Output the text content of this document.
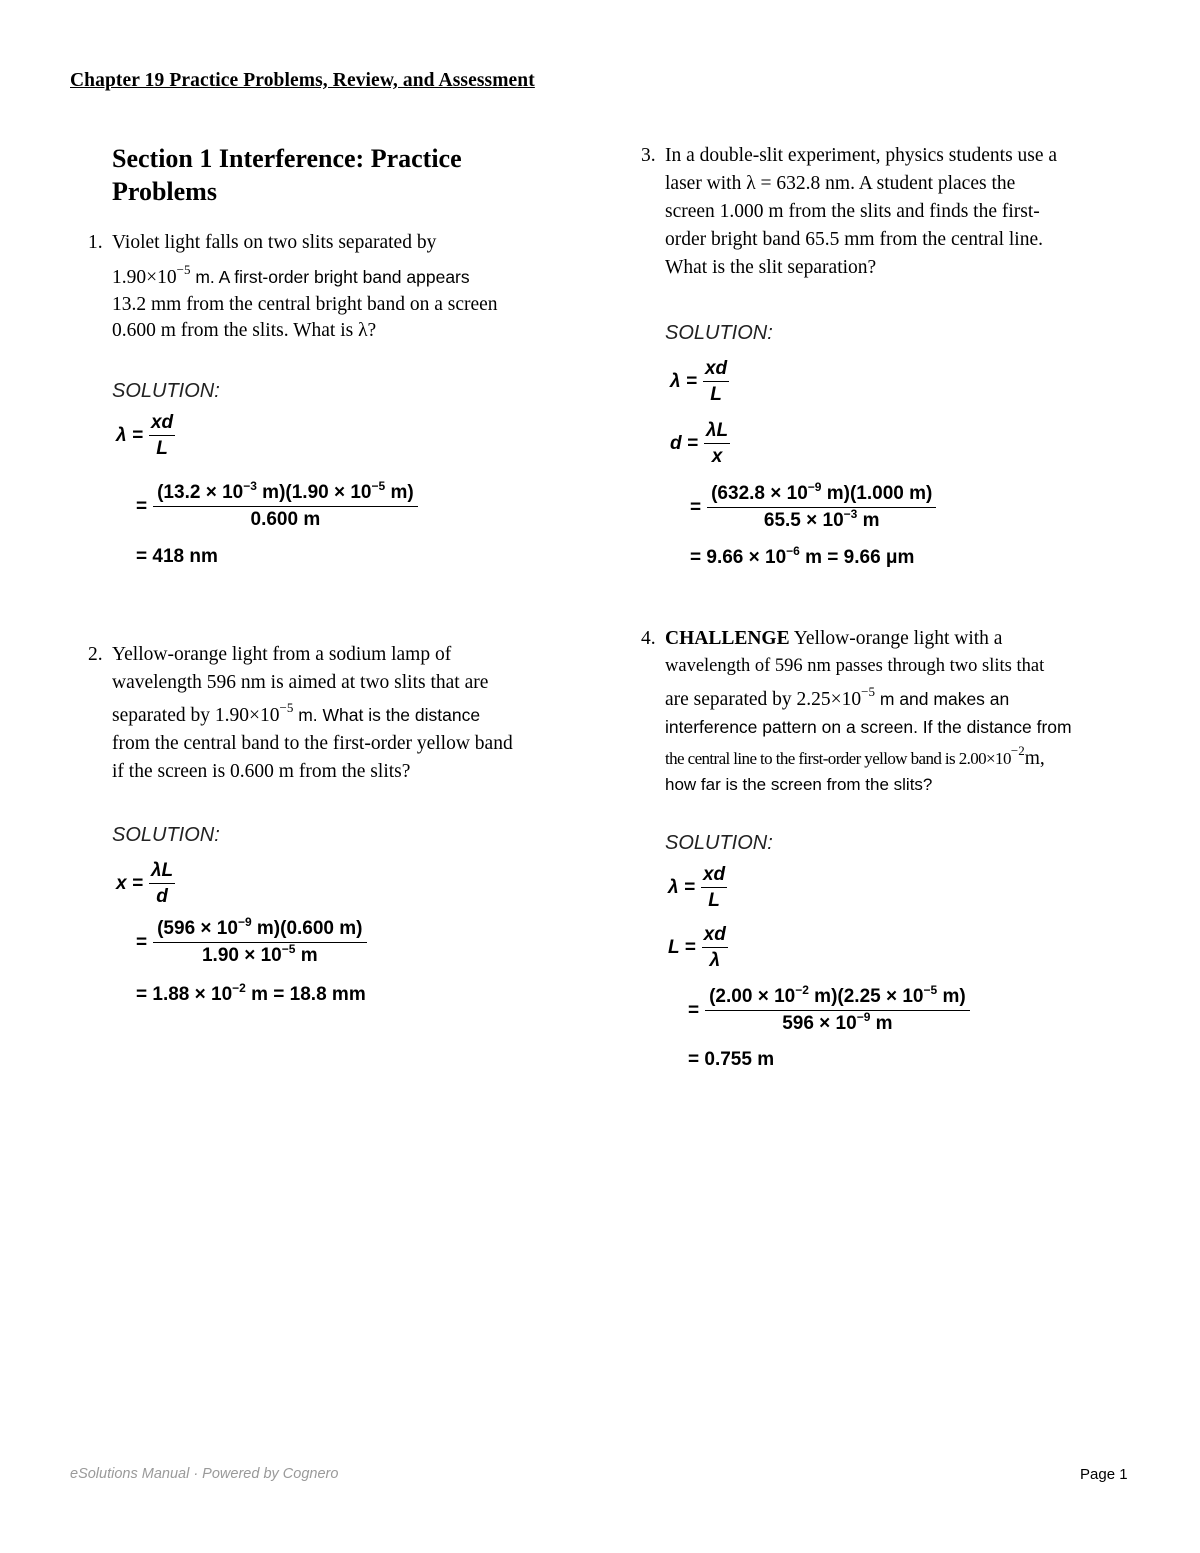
Chapter 19 Practice Problems, Review, and Assessment
Section 1 Interference: Practice Problems
1. Violet light falls on two slits separated by

$1.90\times 10^{-5}$ m. A first-order bright band appears

13.2 mm from the central bright band on a screen

0.600 m from the slits. What is λ?

SOLUTION:
$\lambda = \frac{xd}{L}$
= $\frac{(13.2 \times 10^{-3} m)(1.90 \times 10^{-5} m)}{0.600 m}$
= 418 nm
2. Yellow-orange light from a sodium lamp of

wavelength 596 nm is aimed at two slits that are

separated by $1.90\times 10^{-5}$ m. What is the distance

from the central band to the first-order yellow band

if the screen is 0.600 m from the slits?

SOLUTION:
$x = \frac{\lambda L}{d}$
= $\frac{(596 \times 10^{-9} m)(0.600 m)}{1.90 \times 10^{-5} m}$
= $1.88 \times 10^{-2}$ m = 18.8 mm
3. In a double-slit experiment, physics students use a

laser with λ = 632.8 nm. A student places the

screen 1.000 m from the slits and finds the first-

order bright band 65.5 mm from the central line.

What is the slit separation?

SOLUTION:
$\lambda = \frac{xd}{L}$
$d = \frac{\lambda L}{x}$
= $\frac{(632.8 \times 10^{-9} m)(1.000 m)}{65.5 \times 10^{-3} m}$
= $9.66 \times 10^{-6}$ m = 9.66 μm
4. CHALLENGE Yellow-orange light with a

wavelength of 596 nm passes through two slits that

are separated by $2.25\times 10^{-5}$ m and makes an

interference pattern on a screen. If the distance from

the central line to the first-order yellow band is $2.00\times 10^{-2}m$,

how far is the screen from the slits?

SOLUTION:
$\lambda = \frac{xd}{L}$
$L = \frac{xd}{\lambda}$
= $\frac{(2.00 \times 10^{-2} m)(2.25 \times 10^{-5} m)}{596 \times 10^{-9} m}$
= 0.755 m
eSolutions Manual · Powered by Cognero	Page 1
